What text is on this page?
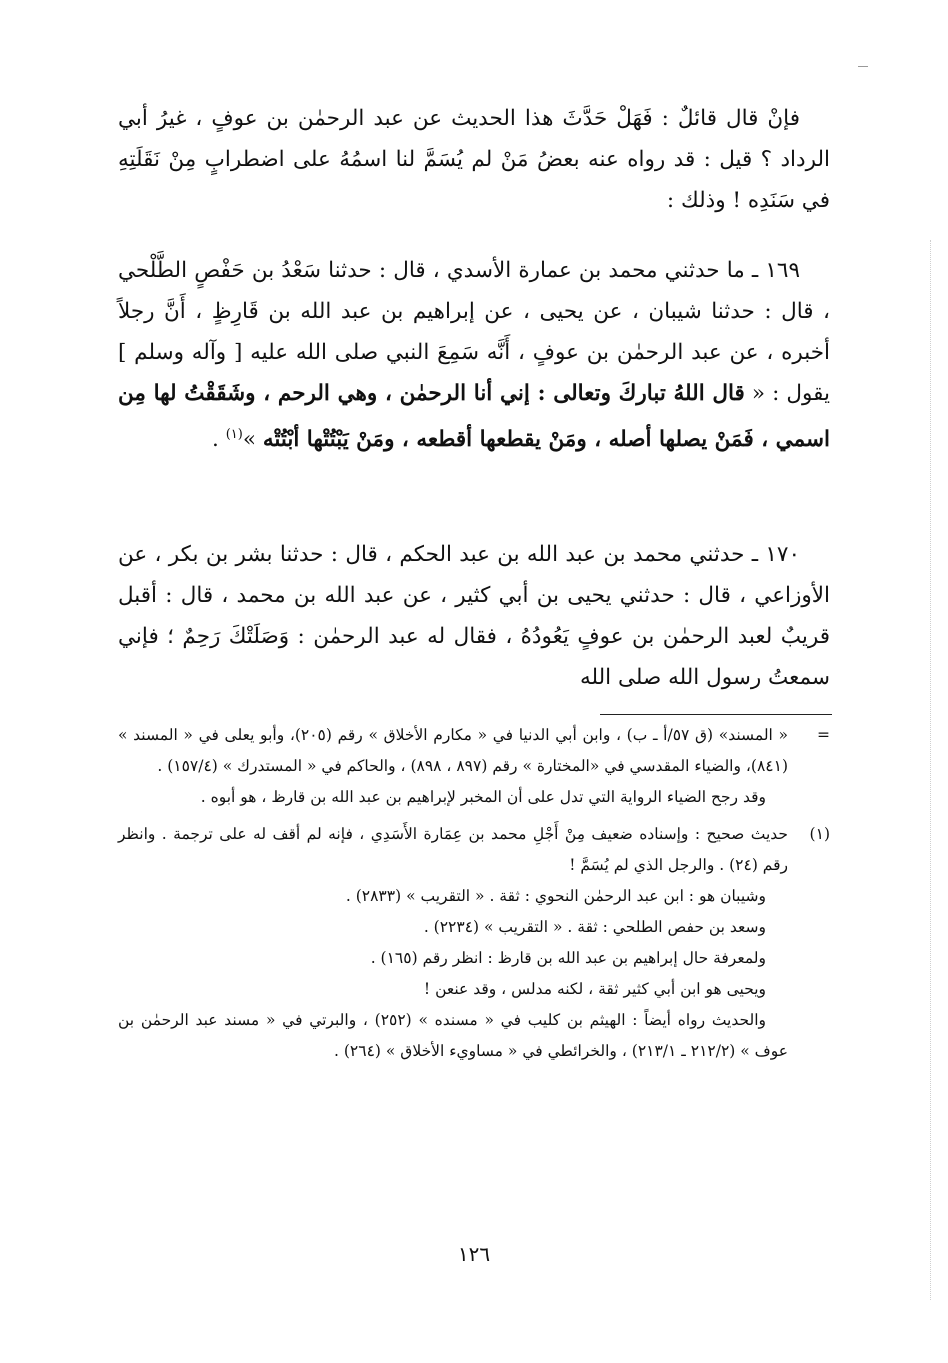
فإنْ قال قائلٌ : فَهَلْ حَدَّثَ هذا الحديث عن عبد الرحمٰن بن عوفٍ ، غيرُ أبي الرداد ؟ قيل : قد رواه عنه بعضُ مَنْ لم يُسَمَّ لنا اسمُهُ على اضطرابٍ مِنْ نَقَلَتِهِ في سَنَدِه ! وذلك :

١٦٩ ـ ما حدثني محمد بن عمارة الأسدي ، قال : حدثنا سَعْدُ بن حَفْصٍ الطَّلْحي ، قال : حدثنا شيبان ، عن يحيى ، عن إبراهيم بن عبد الله بن قَارِظٍ ، أَنَّ رجلاً أخبره ، عن عبد الرحمٰن بن عوفٍ ، أَنَّه سَمِعَ النبي صلى الله عليه [ وآله وسلم ] يقول : « قال اللهُ تباركَ وتعالى : إني أنا الرحمٰن ، وهي الرحم ، وشَقَقْتُ لها مِن اسمي ، فَمَنْ يصلها أصله ، ومَنْ يقطعها أقطعه ، ومَنْ يَبْتُتْها أبْتُتْه »$^{(١)}$ .

١٧٠ ـ حدثني محمد بن عبد الله بن عبد الحكم ، قال : حدثنا بشر بن بكر ، عن الأوزاعي ، قال : حدثني يحيى بن أبي كثير ، عن عبد الله بن محمد ، قال : أقبل قريبٌ لعبد الرحمٰن بن عوفٍ يَعُودُهُ ، فقال له عبد الرحمٰن : وَصَلَتْكَ رَحِمٌ ؛ فإني سمعتُ رسول الله صلى الله

=

« المسند» (ق ٥٧/أ ـ ب) ، وابن أبي الدنيا في « مكارم الأخلاق » رقم (٢٠٥)، وأبو يعلى في « المسند » (٨٤١)، والضياء المقدسي في «المختارة » رقم (٨٩٧ ، ٨٩٨) ، والحاكم في « المستدرك » (١٥٧/٤) .

وقد رجح الضياء الرواية التي تدل على أن المخبر لإبراهيم بن عبد الله بن قارظ ، هو أبوه .

(١)

حديث صحيح : وإسناده ضعيف مِنْ أَجْلِ محمد بن عِمَارة الأَسَدِي ، فإنه لم أقف له على ترجمة . وانظر رقم (٢٤) . والرجل الذي لم يُسَمَّ !

وشيبان هو : ابن عبد الرحمٰن النحوي : ثقة . « التقريب » (٢٨٣٣) .

وسعد بن حفص الطلحي : ثقة . « التقريب » (٢٢٣٤) .

ولمعرفة حال إبراهيم بن عبد الله بن قارظ : انظر رقم (١٦٥) .

ويحيى هو ابن أبي كثير ثقة ، لكنه مدلس ، وقد عنعن !

والحديث رواه أيضاً : الهيثم بن كليب في « مسنده » (٢٥٢) ، والبرتي في « مسند عبد الرحمٰن بن عوف » (٢١٢/٢ ـ ٢١٣/١) ، والخرائطي في « مساويء الأخلاق » (٢٦٤) .

١٢٦
